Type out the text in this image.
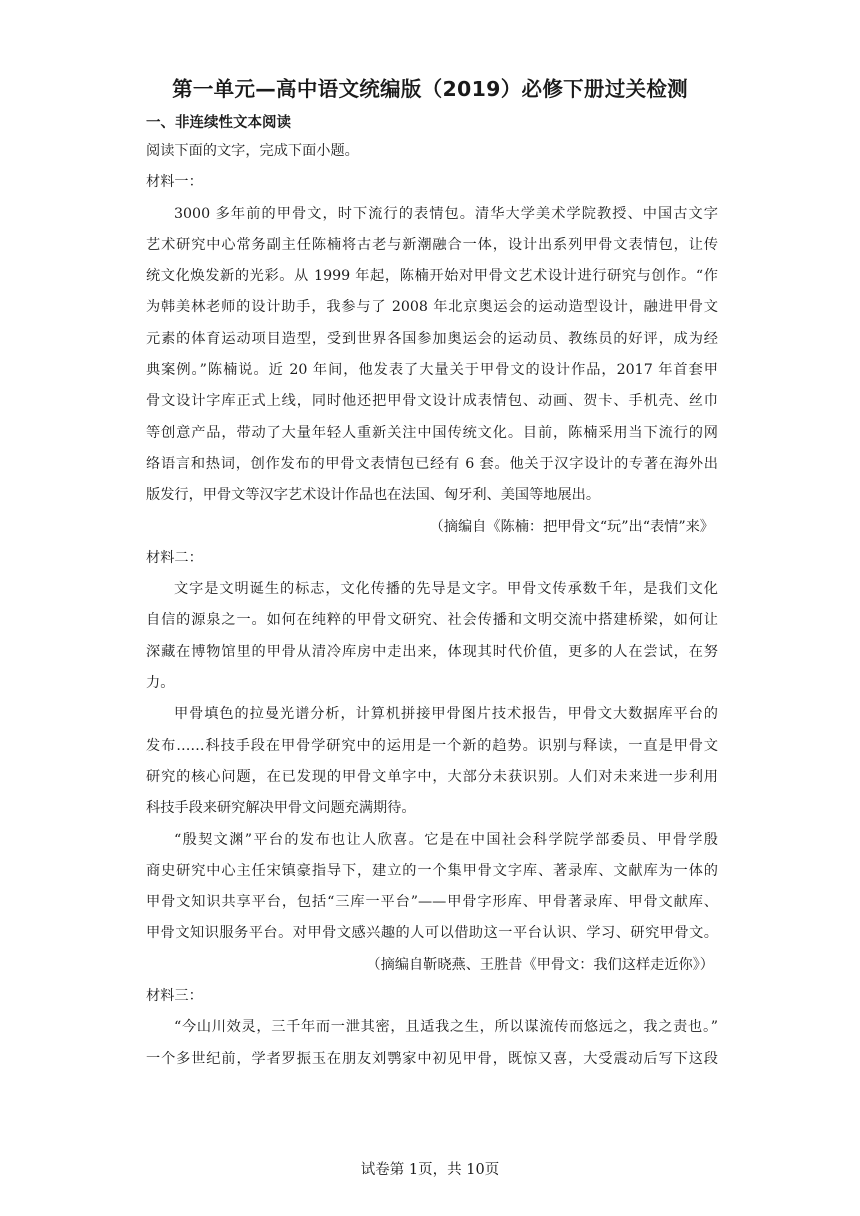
第一单元—高中语文统编版（2019）必修下册过关检测
一、非连续性文本阅读
阅读下面的文字，完成下面小题。
材料一：
3000 多年前的甲骨文，时下流行的表情包。清华大学美术学院教授、中国古文字
艺术研究中心常务副主任陈楠将古老与新潮融合一体，设计出系列甲骨文表情包，让传
统文化焕发新的光彩。从 1999 年起，陈楠开始对甲骨文艺术设计进行研究与创作。“作
为韩美林老师的设计助手，我参与了 2008 年北京奥运会的运动造型设计，融进甲骨文
元素的体育运动项目造型，受到世界各国参加奥运会的运动员、教练员的好评，成为经
典案例。”陈楠说。近 20 年间，他发表了大量关于甲骨文的设计作品，2017 年首套甲
骨文设计字库正式上线，同时他还把甲骨文设计成表情包、动画、贺卡、手机壳、丝巾
等创意产品，带动了大量年轻人重新关注中国传统文化。目前，陈楠采用当下流行的网
络语言和热词，创作发布的甲骨文表情包已经有 6 套。他关于汉字设计的专著在海外出
版发行，甲骨文等汉字艺术设计作品也在法国、匈牙利、美国等地展出。
（摘编自《陈楠：把甲骨文“玩”出“表情”来》
材料二：
文字是文明诞生的标志，文化传播的先导是文字。甲骨文传承数千年，是我们文化
自信的源泉之一。如何在纯粹的甲骨文研究、社会传播和文明交流中搭建桥梁，如何让
深藏在博物馆里的甲骨从清冷库房中走出来，体现其时代价值，更多的人在尝试，在努
力。
甲骨填色的拉曼光谱分析，计算机拼接甲骨图片技术报告，甲骨文大数据库平台的
发布……科技手段在甲骨学研究中的运用是一个新的趋势。识别与释读，一直是甲骨文
研究的核心问题，在已发现的甲骨文单字中，大部分未获识别。人们对未来进一步利用
科技手段来研究解决甲骨文问题充满期待。
“殷契文渊”平台的发布也让人欣喜。它是在中国社会科学院学部委员、甲骨学殷
商史研究中心主任宋镇豪指导下，建立的一个集甲骨文字库、著录库、文献库为一体的
甲骨文知识共享平台，包括“三库一平台”——甲骨字形库、甲骨著录库、甲骨文献库、
甲骨文知识服务平台。对甲骨文感兴趣的人可以借助这一平台认识、学习、研究甲骨文。
（摘编自靳晓燕、王胜昔《甲骨文：我们这样走近你》）
材料三：
“今山川效灵，三千年而一泄其密，且适我之生，所以谋流传而悠远之，我之责也。”
一个多世纪前，学者罗振玉在朋友刘鹗家中初见甲骨，既惊又喜，大受震动后写下这段
试卷第 1页，共 10页
